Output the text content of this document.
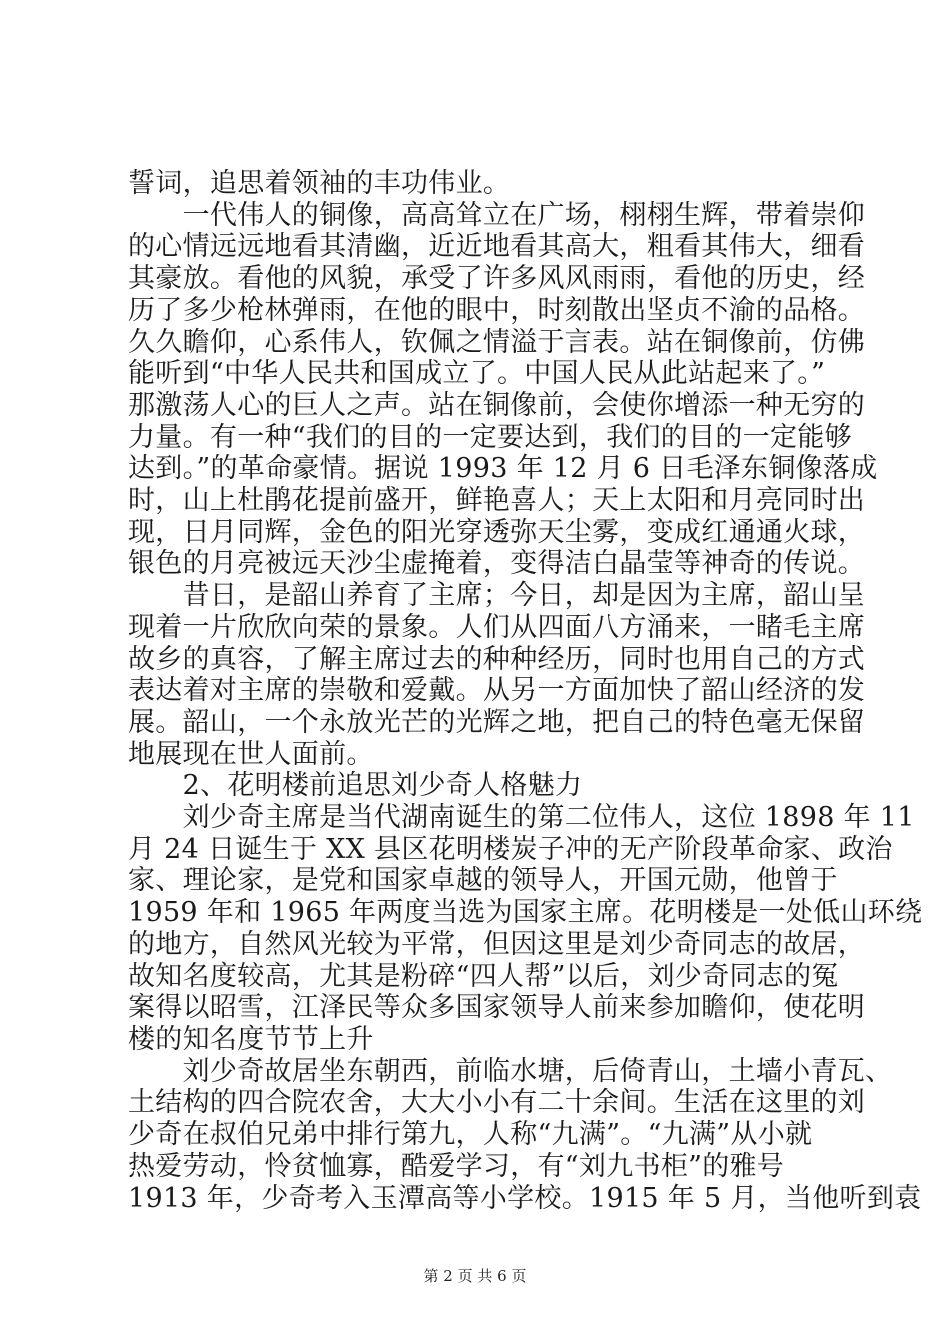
誓词，追思着领袖的丰功伟业。
　　一代伟人的铜像，高高耸立在广场，栩栩生辉，带着崇仰
的心情远远地看其清幽，近近地看其高大，粗看其伟大，细看
其豪放。看他的风貌，承受了许多风风雨雨，看他的历史，经
历了多少枪林弹雨，在他的眼中，时刻散出坚贞不渝的品格。
久久瞻仰，心系伟人，钦佩之情溢于言表。站在铜像前，仿佛
能听到“中华人民共和国成立了。中国人民从此站起来了。”
那激荡人心的巨人之声。站在铜像前，会使你增添一种无穷的
力量。有一种“我们的目的一定要达到，我们的目的一定能够
达到。”的革命豪情。据说 1993 年 12 月 6 日毛泽东铜像落成
时，山上杜鹃花提前盛开，鲜艳喜人；天上太阳和月亮同时出
现，日月同辉，金色的阳光穿透弥天尘雾，变成红通通火球，
银色的月亮被远天沙尘虚掩着，变得洁白晶莹等神奇的传说。
　　昔日，是韶山养育了主席；今日，却是因为主席，韶山呈
现着一片欣欣向荣的景象。人们从四面八方涌来，一睹毛主席
故乡的真容，了解主席过去的种种经历，同时也用自己的方式
表达着对主席的崇敬和爱戴。从另一方面加快了韶山经济的发
展。韶山，一个永放光芒的光辉之地，把自己的特色毫无保留
地展现在世人面前。
　　2、花明楼前追思刘少奇人格魅力
　　刘少奇主席是当代湖南诞生的第二位伟人，这位 1898 年 11
月 24 日诞生于 XX 县区花明楼炭子冲的无产阶段革命家、政治
家、理论家，是党和国家卓越的领导人，开国元勋，他曾于
1959 年和 1965 年两度当选为国家主席。花明楼是一处低山环绕
的地方，自然风光较为平常，但因这里是刘少奇同志的故居，
故知名度较高，尤其是粉碎“四人帮”以后，刘少奇同志的冤
案得以昭雪，江泽民等众多国家领导人前来参加瞻仰，使花明
楼的知名度节节上升
　　刘少奇故居坐东朝西，前临水塘，后倚青山，土墙小青瓦、
土结构的四合院农舍，大大小小有二十余间。生活在这里的刘
少奇在叔伯兄弟中排行第九，人称“九满”。“九满”从小就
热爱劳动，怜贫恤寡，酷爱学习，有“刘九书柜”的雅号
1913 年，少奇考入玉潭高等小学校。1915 年 5 月，当他听到袁
第 2 页 共 6 页
